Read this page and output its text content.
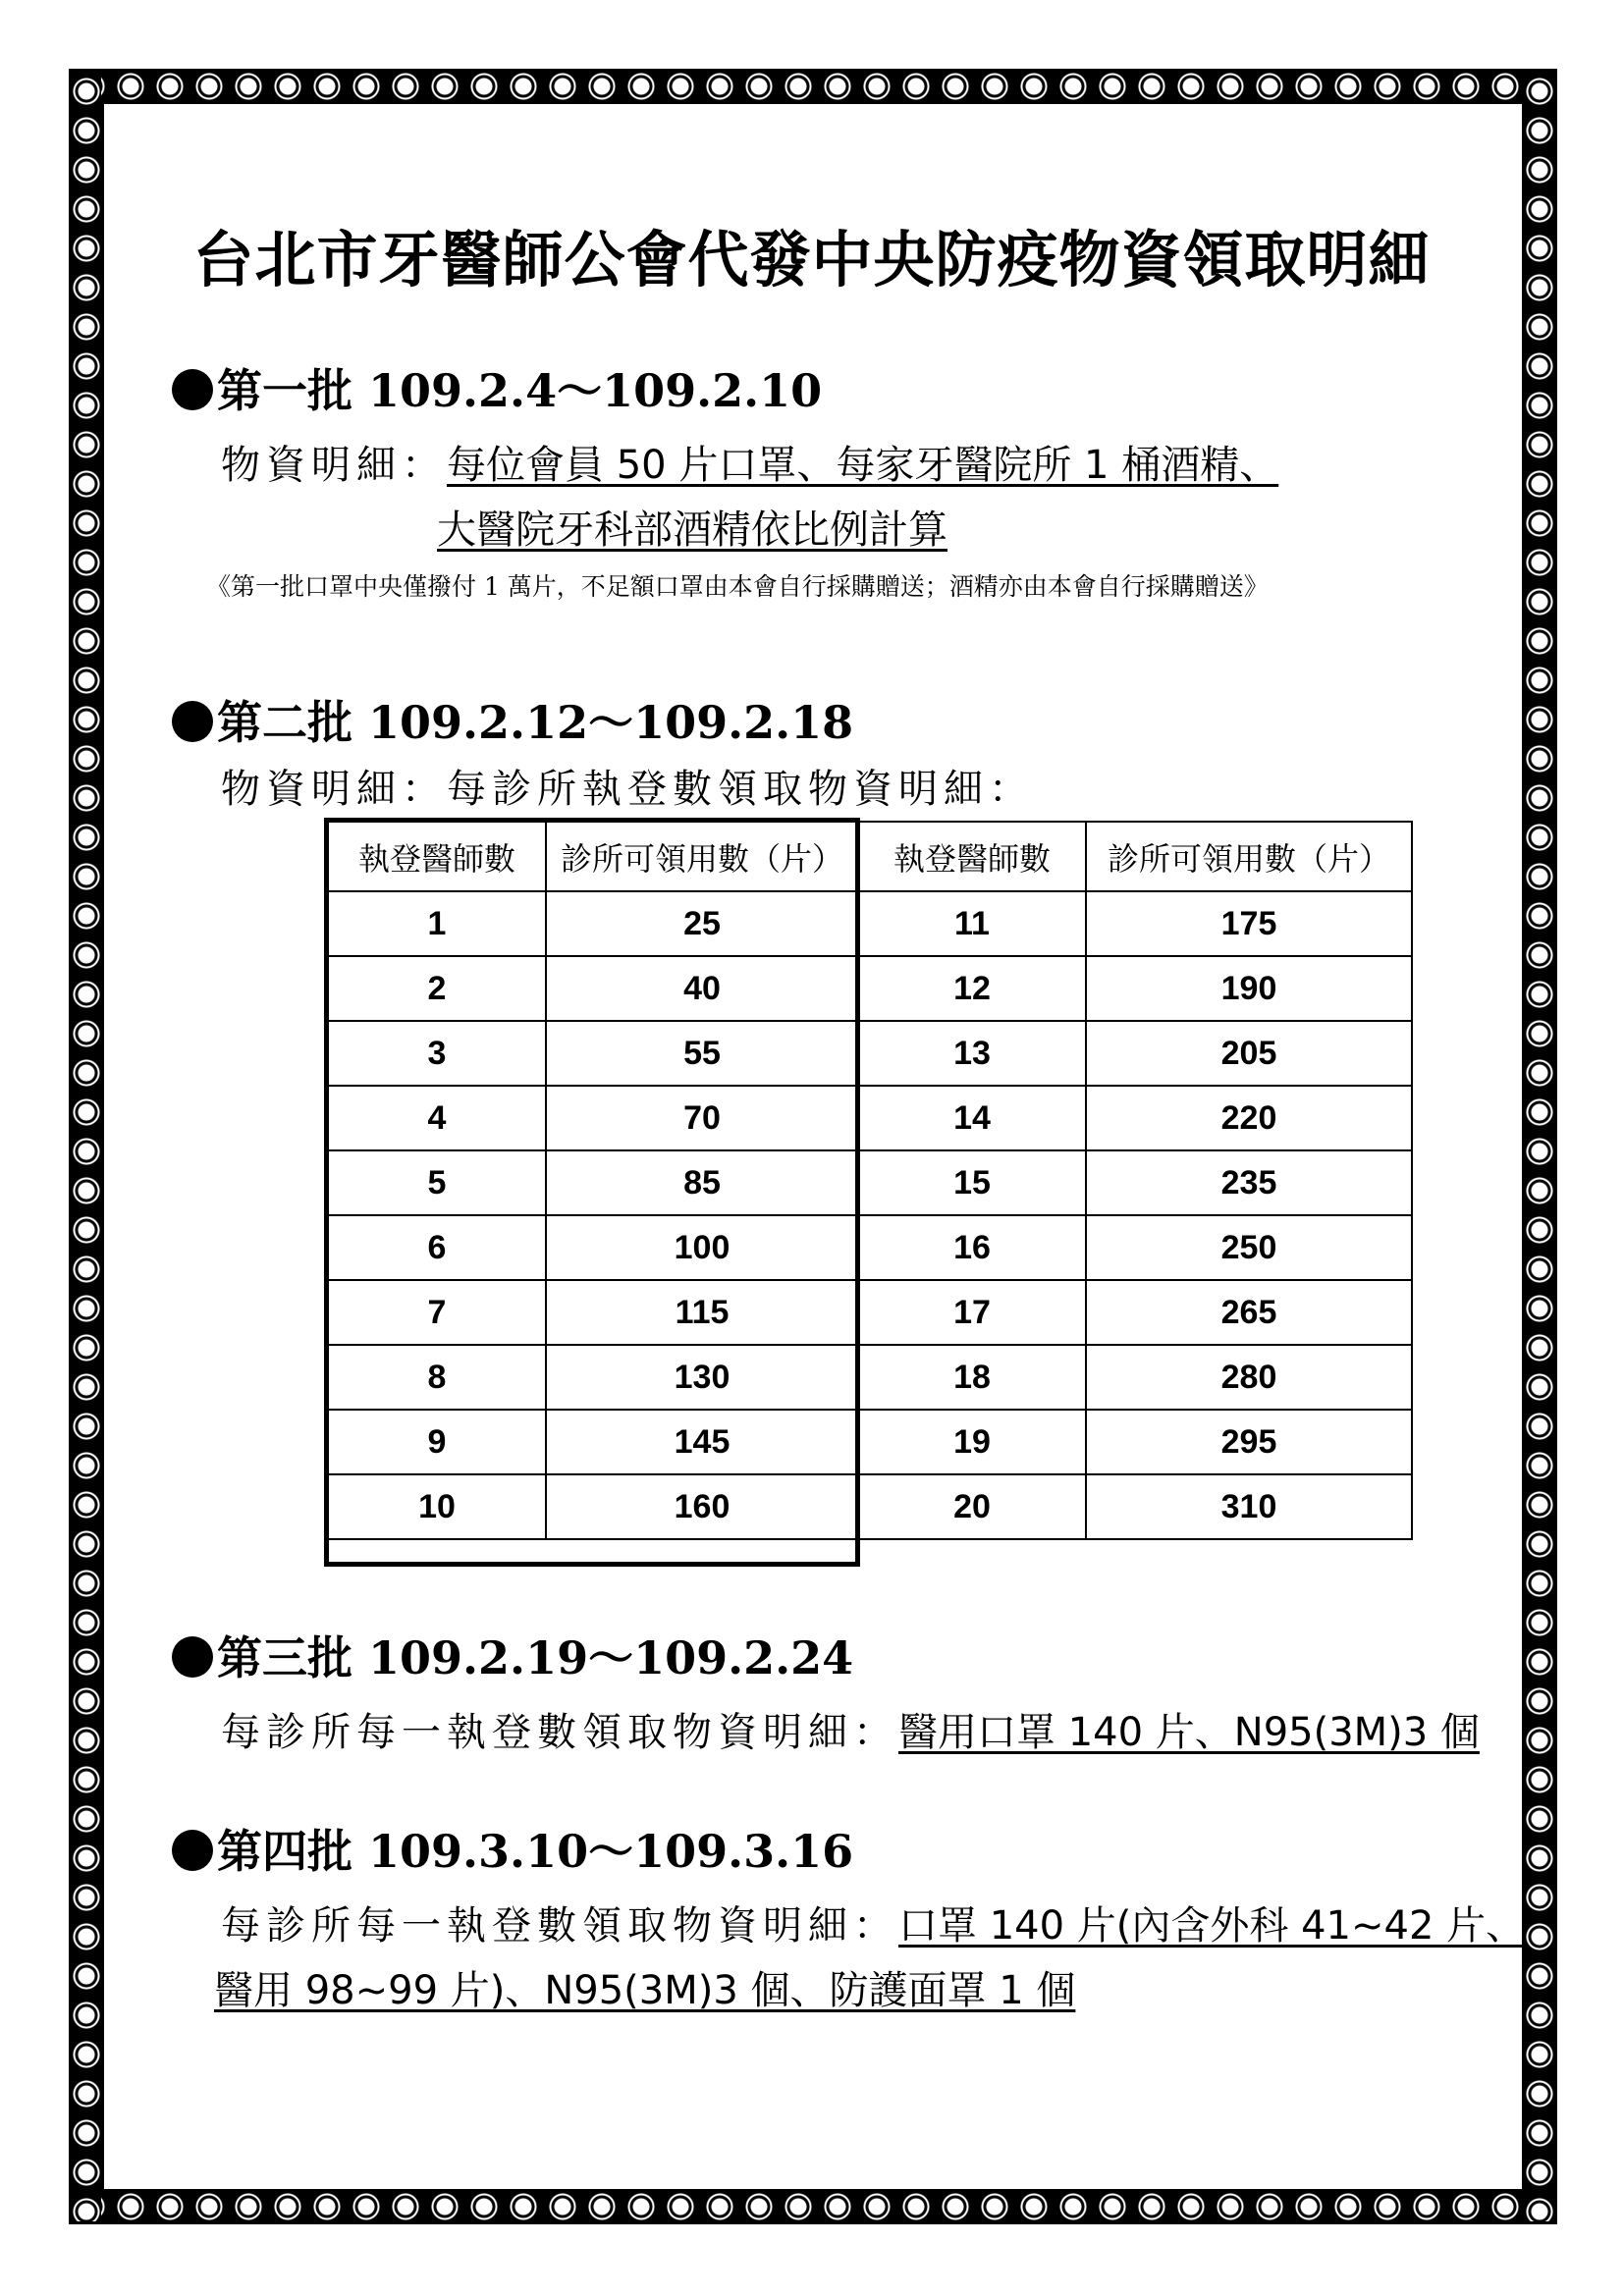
台北市牙醫師公會代發中央防疫物資領取明細
第一批 109.2.4～109.2.10
物資明細：每位會員 50 片口罩、每家牙醫院所 1 桶酒精、
大醫院牙科部酒精依比例計算
《第一批口罩中央僅撥付 1 萬片，不足額口罩由本會自行採購贈送；酒精亦由本會自行採購贈送》
第二批 109.2.12～109.2.18
物資明細：每診所執登數領取物資明細：
執登醫師數	診所可領用數（片）	執登醫師數	診所可領用數（片）
1	25	11	175
2	40	12	190
3	55	13	205
4	70	14	220
5	85	15	235
6	100	16	250
7	115	17	265
8	130	18	280
9	145	19	295
10	160	20	310
第三批 109.2.19～109.2.24
每診所每一執登數領取物資明細：醫用口罩 140 片、N95(3M)3 個
第四批 109.3.10～109.3.16
每診所每一執登數領取物資明細：口罩 140 片(內含外科 41~42 片、
醫用 98~99 片)、N95(3M)3 個、防護面罩 1 個
